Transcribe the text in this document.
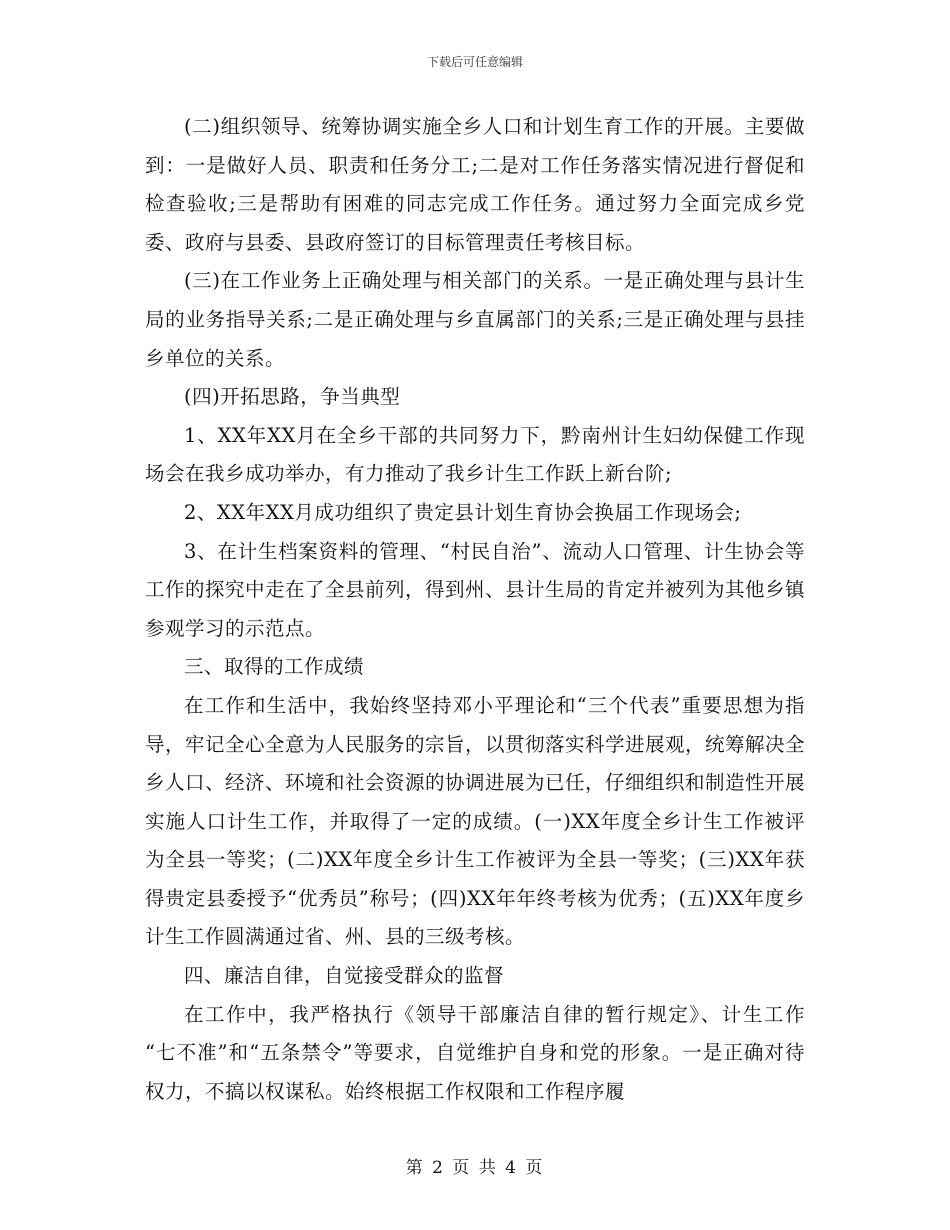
下载后可任意编辑

(二)组织领导、统筹协调实施全乡人口和计划生育工作的开展。主要做到：一是做好人员、职责和任务分工;二是对工作任务落实情况进行督促和检查验收;三是帮助有困难的同志完成工作任务。通过努力全面完成乡党委、政府与县委、县政府签订的目标管理责任考核目标。

(三)在工作业务上正确处理与相关部门的关系。一是正确处理与县计生局的业务指导关系;二是正确处理与乡直属部门的关系;三是正确处理与县挂乡单位的关系。

(四)开拓思路，争当典型

1、XX年XX月在全乡干部的共同努力下，黔南州计生妇幼保健工作现场会在我乡成功举办，有力推动了我乡计生工作跃上新台阶;

2、XX年XX月成功组织了贵定县计划生育协会换届工作现场会;

3、在计生档案资料的管理、“村民自治”、流动人口管理、计生协会等工作的探究中走在了全县前列，得到州、县计生局的肯定并被列为其他乡镇参观学习的示范点。

三、取得的工作成绩

在工作和生活中，我始终坚持邓小平理论和“三个代表”重要思想为指导，牢记全心全意为人民服务的宗旨，以贯彻落实科学进展观，统筹解决全乡人口、经济、环境和社会资源的协调进展为已任，仔细组织和制造性开展实施人口计生工作，并取得了一定的成绩。(一)XX年度全乡计生工作被评为全县一等奖；(二)XX年度全乡计生工作被评为全县一等奖；(三)XX年获得贵定县委授予“优秀员”称号；(四)XX年年终考核为优秀；(五)XX年度乡计生工作圆满通过省、州、县的三级考核。

四、廉洁自律，自觉接受群众的监督

在工作中，我严格执行《领导干部廉洁自律的暂行规定》、计生工作 “七不准”和“五条禁令”等要求，自觉维护自身和党的形象。一是正确对待权力，不搞以权谋私。始终根据工作权限和工作程序履

第 2 页 共 4 页
